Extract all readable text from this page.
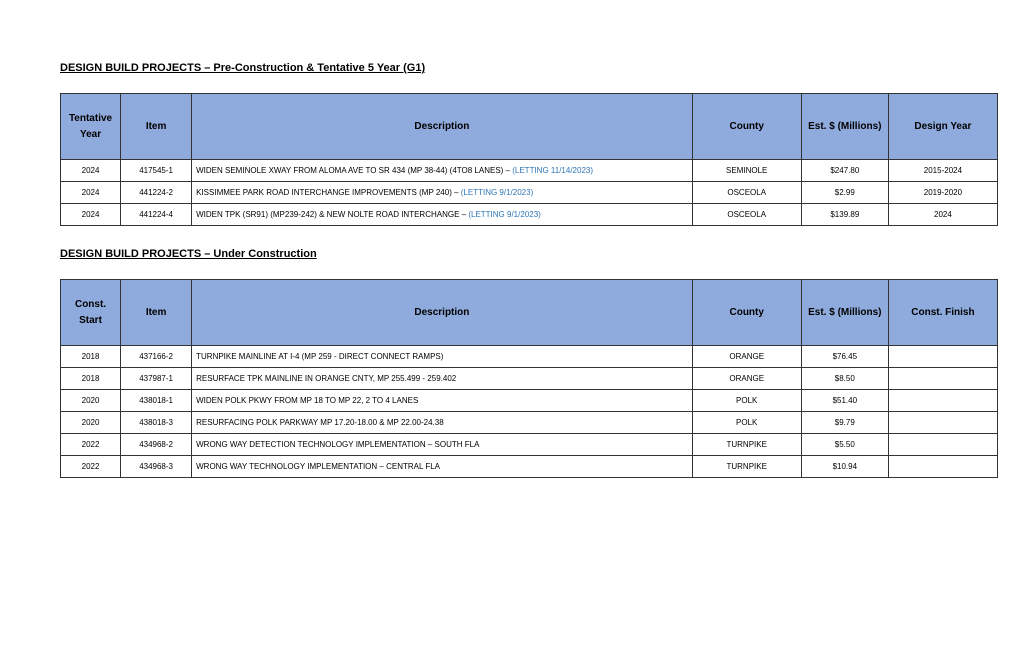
DESIGN BUILD PROJECTS – Pre-Construction & Tentative 5 Year (G1)
Tentative Year	Item	Description	County	Est. $ (Millions)	Design Year
2024	417545-1	WIDEN SEMINOLE XWAY FROM ALOMA AVE TO SR 434 (MP 38-44) (4TO8 LANES) – (LETTING 11/14/2023)	SEMINOLE	$247.80	2015-2024
2024	441224-2	KISSIMMEE PARK ROAD INTERCHANGE IMPROVEMENTS (MP 240) – (LETTING 9/1/2023)	OSCEOLA	$2.99	2019-2020
2024	441224-4	WIDEN TPK (SR91) (MP239-242) & NEW NOLTE ROAD INTERCHANGE – (LETTING 9/1/2023)	OSCEOLA	$139.89	2024
DESIGN BUILD PROJECTS – Under Construction
Const. Start	Item	Description	County	Est. $ (Millions)	Const. Finish
2018	437166-2	TURNPIKE MAINLINE AT I-4 (MP 259 - DIRECT CONNECT RAMPS)	ORANGE	$76.45	
2018	437987-1	RESURFACE TPK MAINLINE IN ORANGE CNTY, MP 255.499 - 259.402	ORANGE	$8.50	
2020	438018-1	WIDEN POLK PKWY FROM MP 18 TO MP 22, 2 TO 4 LANES	POLK	$51.40	
2020	438018-3	RESURFACING POLK PARKWAY MP 17.20-18.00 & MP 22.00-24.38	POLK	$9.79	
2022	434968-2	WRONG WAY DETECTION TECHNOLOGY IMPLEMENTATION – SOUTH FLA	TURNPIKE	$5.50	
2022	434968-3	WRONG WAY TECHNOLOGY IMPLEMENTATION – CENTRAL FLA	TURNPIKE	$10.94	
